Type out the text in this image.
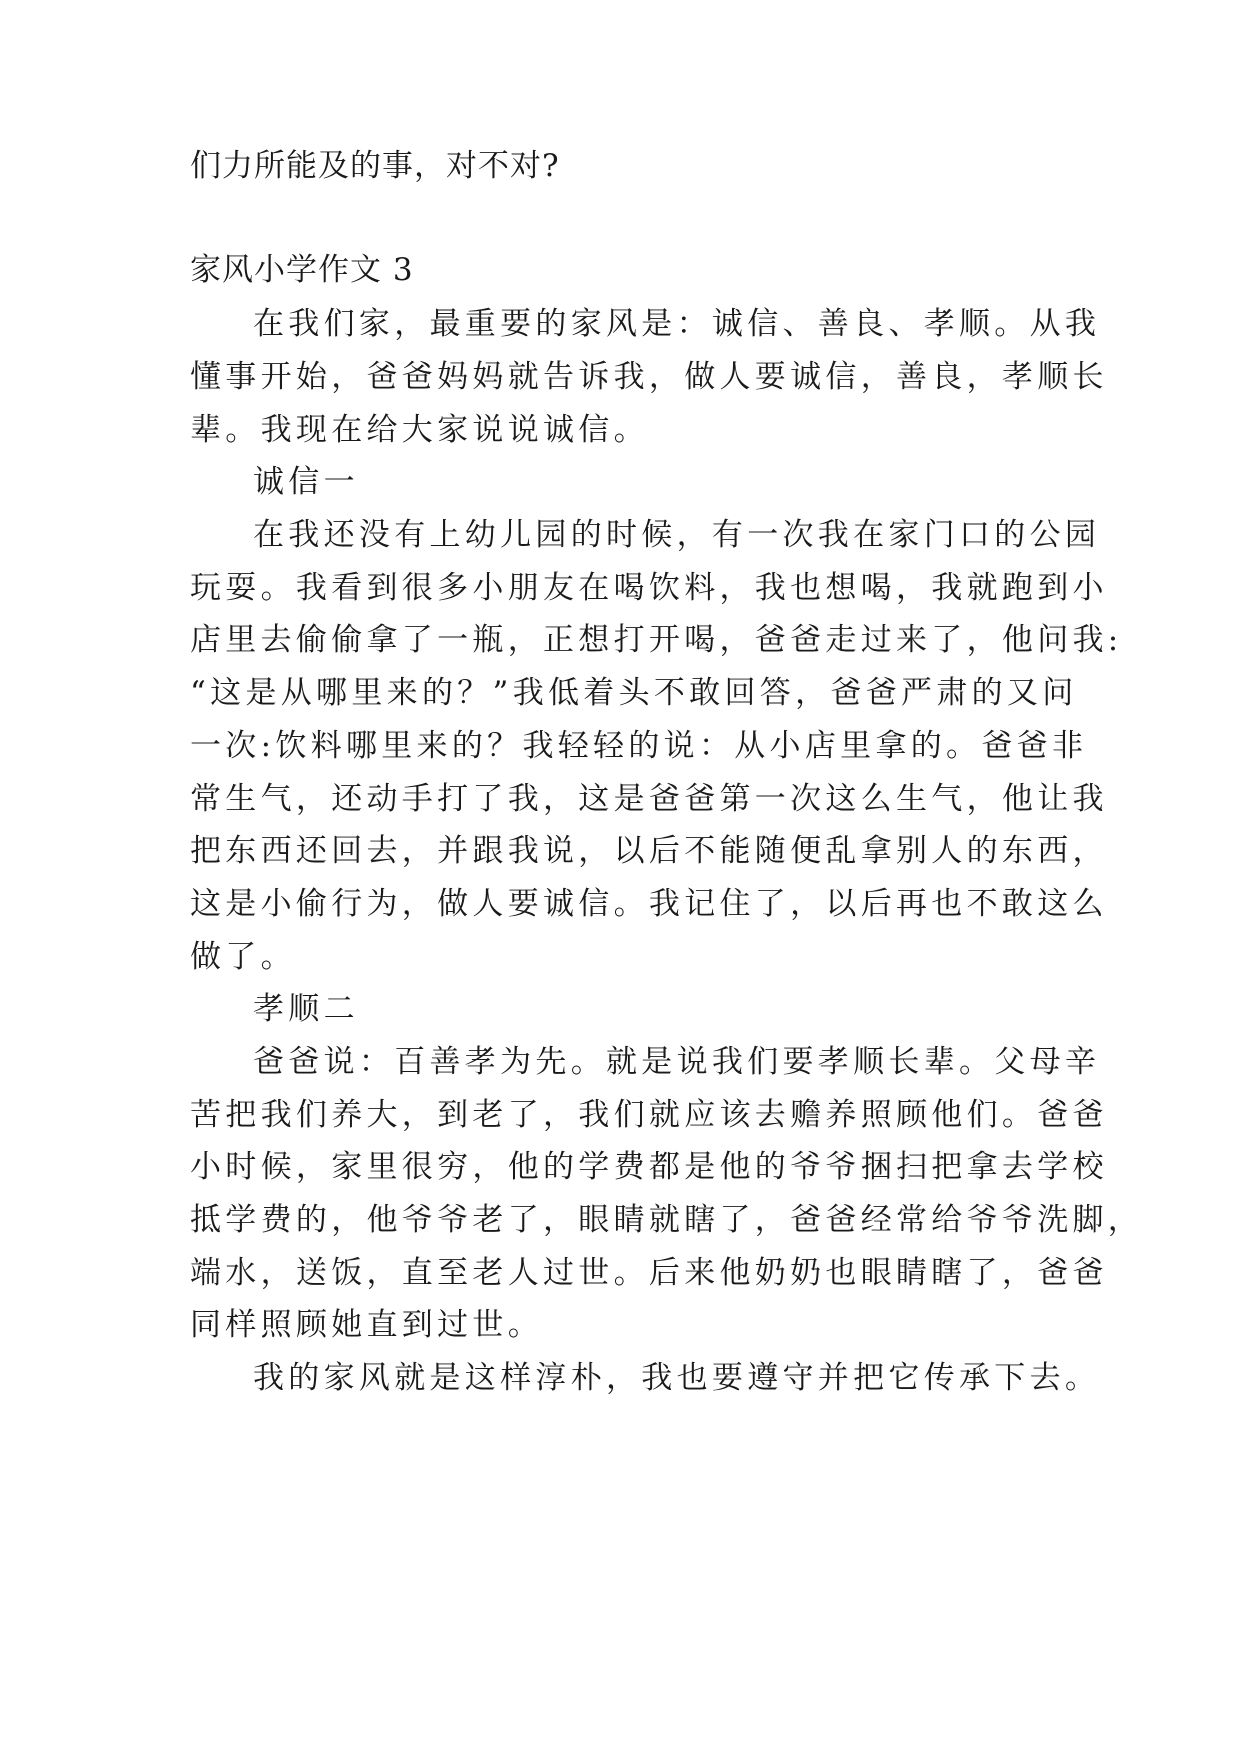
们力所能及的事，对不对?
家风小学作文 3
在我们家，最重要的家风是：诚信、善良、孝顺。从我
懂事开始，爸爸妈妈就告诉我，做人要诚信，善良，孝顺长
辈。我现在给大家说说诚信。
诚信一
在我还没有上幼儿园的时候，有一次我在家门口的公园
玩耍。我看到很多小朋友在喝饮料，我也想喝，我就跑到小
店里去偷偷拿了一瓶，正想打开喝，爸爸走过来了，他问我:
“这是从哪里来的？”我低着头不敢回答，爸爸严肃的又问
一次:饮料哪里来的？我轻轻的说：从小店里拿的。爸爸非
常生气，还动手打了我，这是爸爸第一次这么生气，他让我
把东西还回去，并跟我说，以后不能随便乱拿别人的东西，
这是小偷行为，做人要诚信。我记住了，以后再也不敢这么
做了。
孝顺二
爸爸说：百善孝为先。就是说我们要孝顺长辈。父母辛
苦把我们养大，到老了，我们就应该去赡养照顾他们。爸爸
小时候，家里很穷，他的学费都是他的爷爷捆扫把拿去学校
抵学费的，他爷爷老了，眼睛就瞎了，爸爸经常给爷爷洗脚，
端水，送饭，直至老人过世。后来他奶奶也眼睛瞎了，爸爸
同样照顾她直到过世。
我的家风就是这样淳朴，我也要遵守并把它传承下去。
